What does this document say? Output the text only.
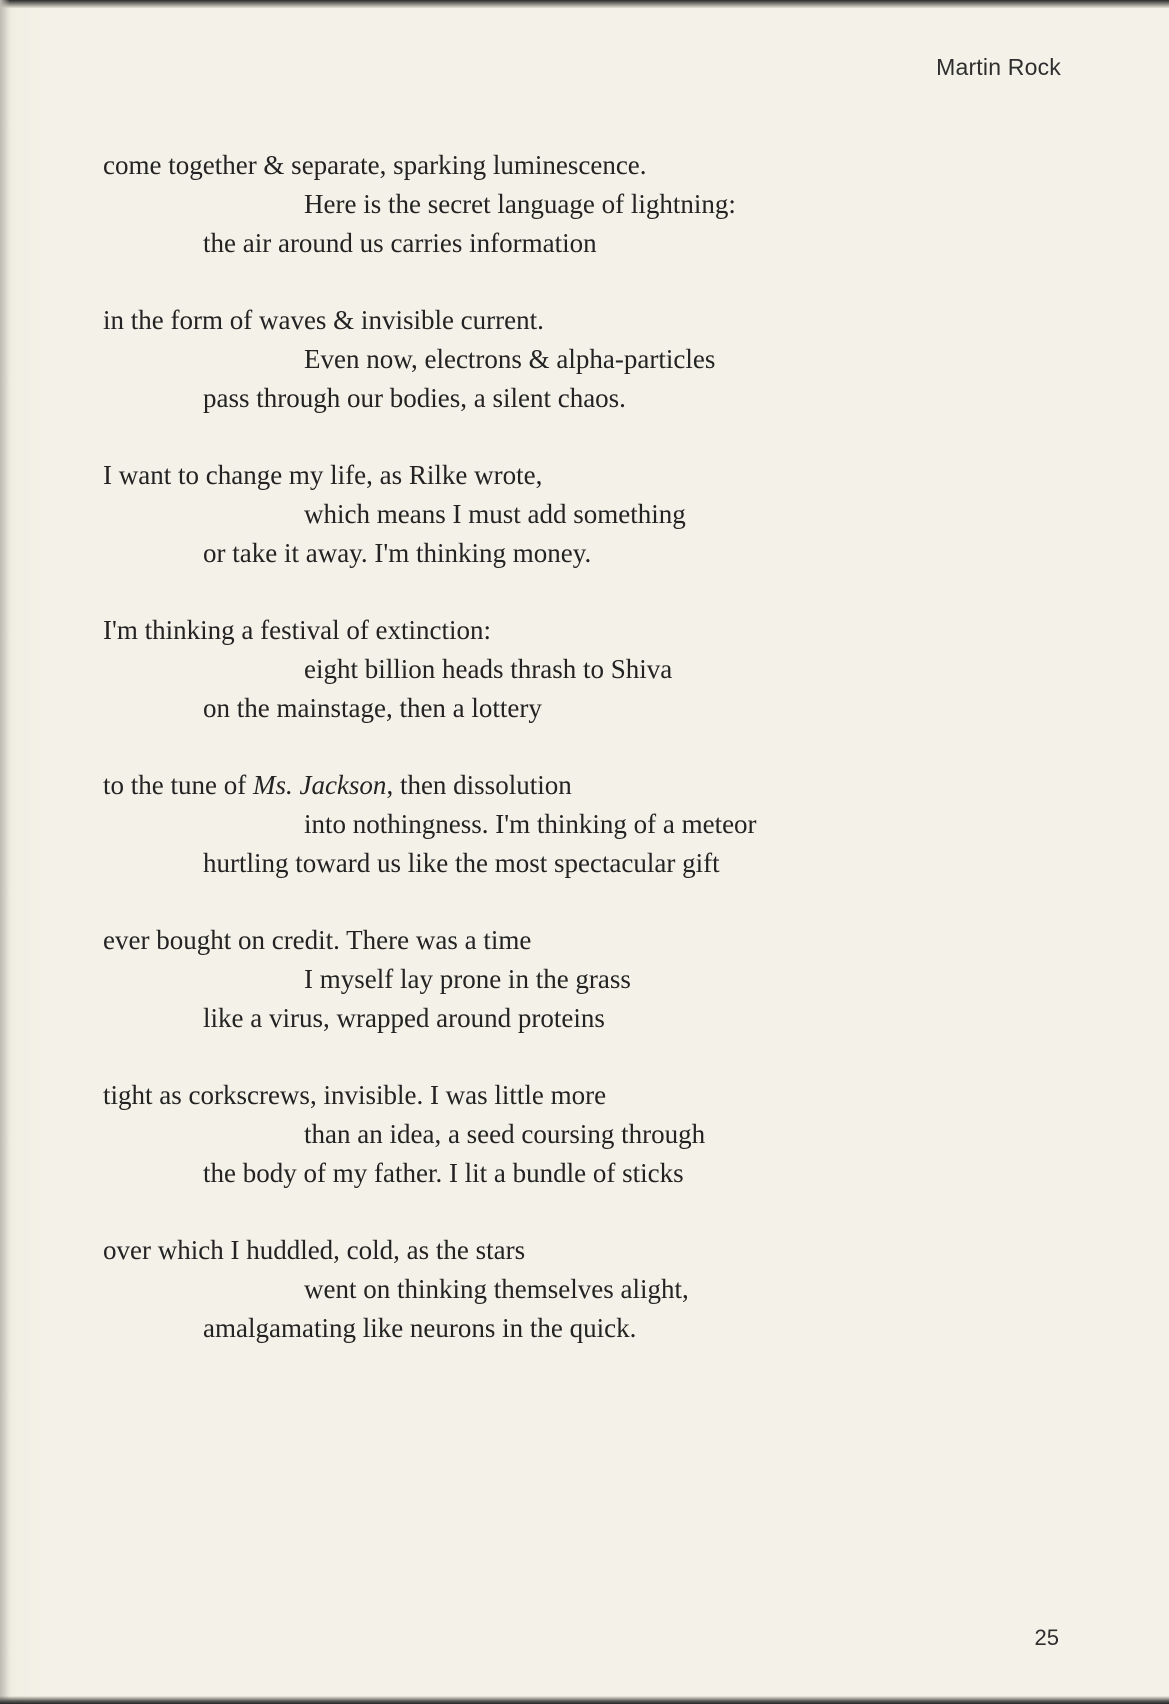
Martin Rock
come together & separate, sparking luminescence.
Here is the secret language of lightning:
the air around us carries information
in the form of waves & invisible current.
Even now, electrons & alpha-particles
pass through our bodies, a silent chaos.
I want to change my life, as Rilke wrote,
which means I must add something
or take it away. I'm thinking money.
I'm thinking a festival of extinction:
eight billion heads thrash to Shiva
on the mainstage, then a lottery
to the tune of Ms. Jackson, then dissolution
into nothingness. I'm thinking of a meteor
hurtling toward us like the most spectacular gift
ever bought on credit. There was a time
I myself lay prone in the grass
like a virus, wrapped around proteins
tight as corkscrews, invisible. I was little more
than an idea, a seed coursing through
the body of my father. I lit a bundle of sticks
over which I huddled, cold, as the stars
went on thinking themselves alight,
amalgamating like neurons in the quick.
25
